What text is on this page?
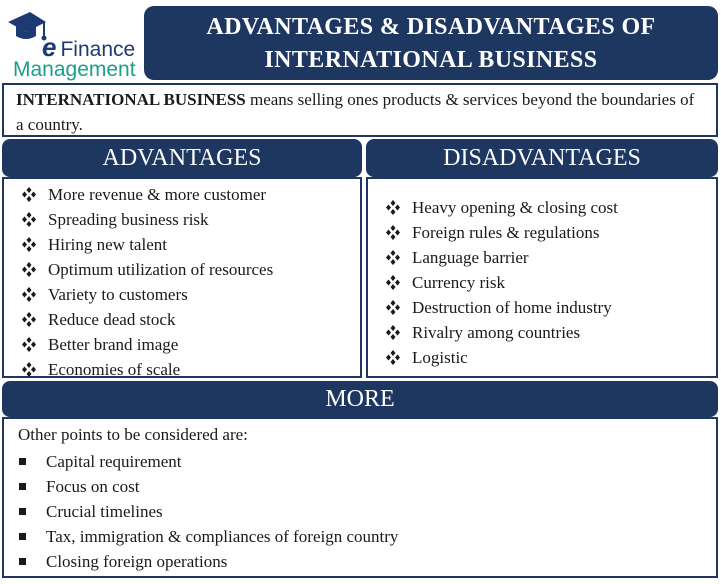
e Finance
Management
ADVANTAGES & DISADVANTAGES OF
INTERNATIONAL BUSINESS
INTERNATIONAL BUSINESS means selling ones products & services beyond the boundaries of a country.
ADVANTAGES
More revenue & more customer
Spreading business risk
Hiring new talent
Optimum utilization of resources
Variety to customers
Reduce dead stock
Better brand image
Economies of scale
DISADVANTAGES
Heavy opening & closing cost
Foreign rules & regulations
Language barrier
Currency risk
Destruction of home industry
Rivalry among countries
Logistic
MORE
Other points to be considered are:
Capital requirement
Focus on cost
Crucial timelines
Tax, immigration & compliances of foreign country
Closing foreign operations
